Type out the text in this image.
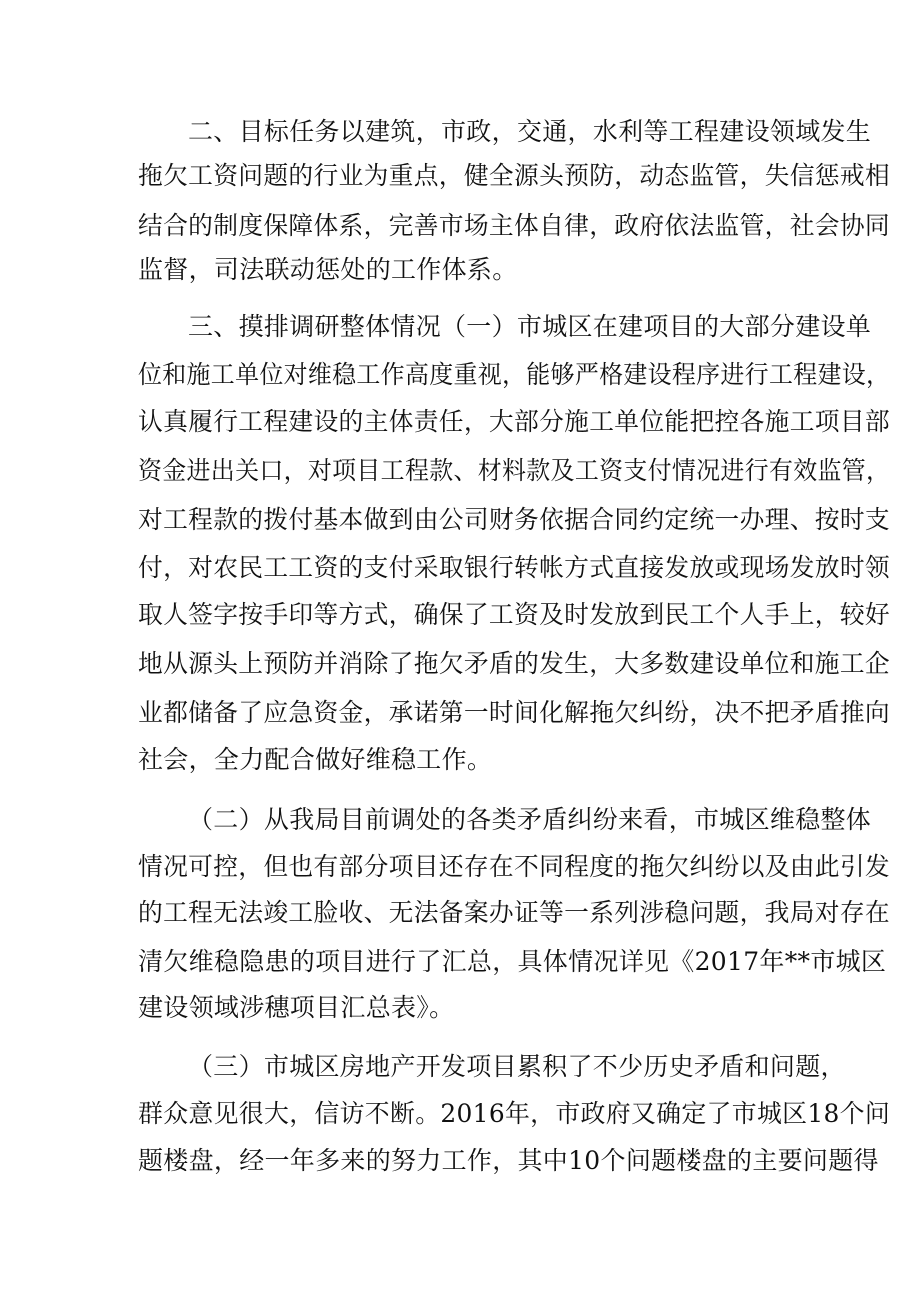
二、目标任务以建筑，市政，交通，水利等工程建设领域发生
拖欠工资问题的行业为重点，健全源头预防，动态监管，失信惩戒相
结合的制度保障体系，完善市场主体自律，政府依法监管，社会协同
监督，司法联动惩处的工作体系。
三、摸排调研整体情况（一）市城区在建项目的大部分建设单
位和施工单位对维稳工作高度重视，能够严格建设程序进行工程建设，
认真履行工程建设的主体责任，大部分施工单位能把控各施工项目部
资金进出关口，对项目工程款、材料款及工资支付情况进行有效监管，
对工程款的拨付基本做到由公司财务依据合同约定统一办理、按时支
付，对农民工工资的支付采取银行转帐方式直接发放或现场发放时领
取人签字按手印等方式，确保了工资及时发放到民工个人手上，较好
地从源头上预防并消除了拖欠矛盾的发生，大多数建设单位和施工企
业都储备了应急资金，承诺第一时间化解拖欠纠纷，决不把矛盾推向
社会，全力配合做好维稳工作。
（二）从我局目前调处的各类矛盾纠纷来看，市城区维稳整体
情况可控，但也有部分项目还存在不同程度的拖欠纠纷以及由此引发
的工程无法竣工脸收、无法备案办证等一系列涉稳问题，我局对存在
清欠维稳隐患的项目进行了汇总，具体情况详见《2017年**市城区
建设领域涉穗项目汇总表》。
（三）市城区房地产开发项目累积了不少历史矛盾和问题，
群众意见很大，信访不断。2016年，市政府又确定了市城区18个问
题楼盘，经一年多来的努力工作，其中10个问题楼盘的主要问题得
